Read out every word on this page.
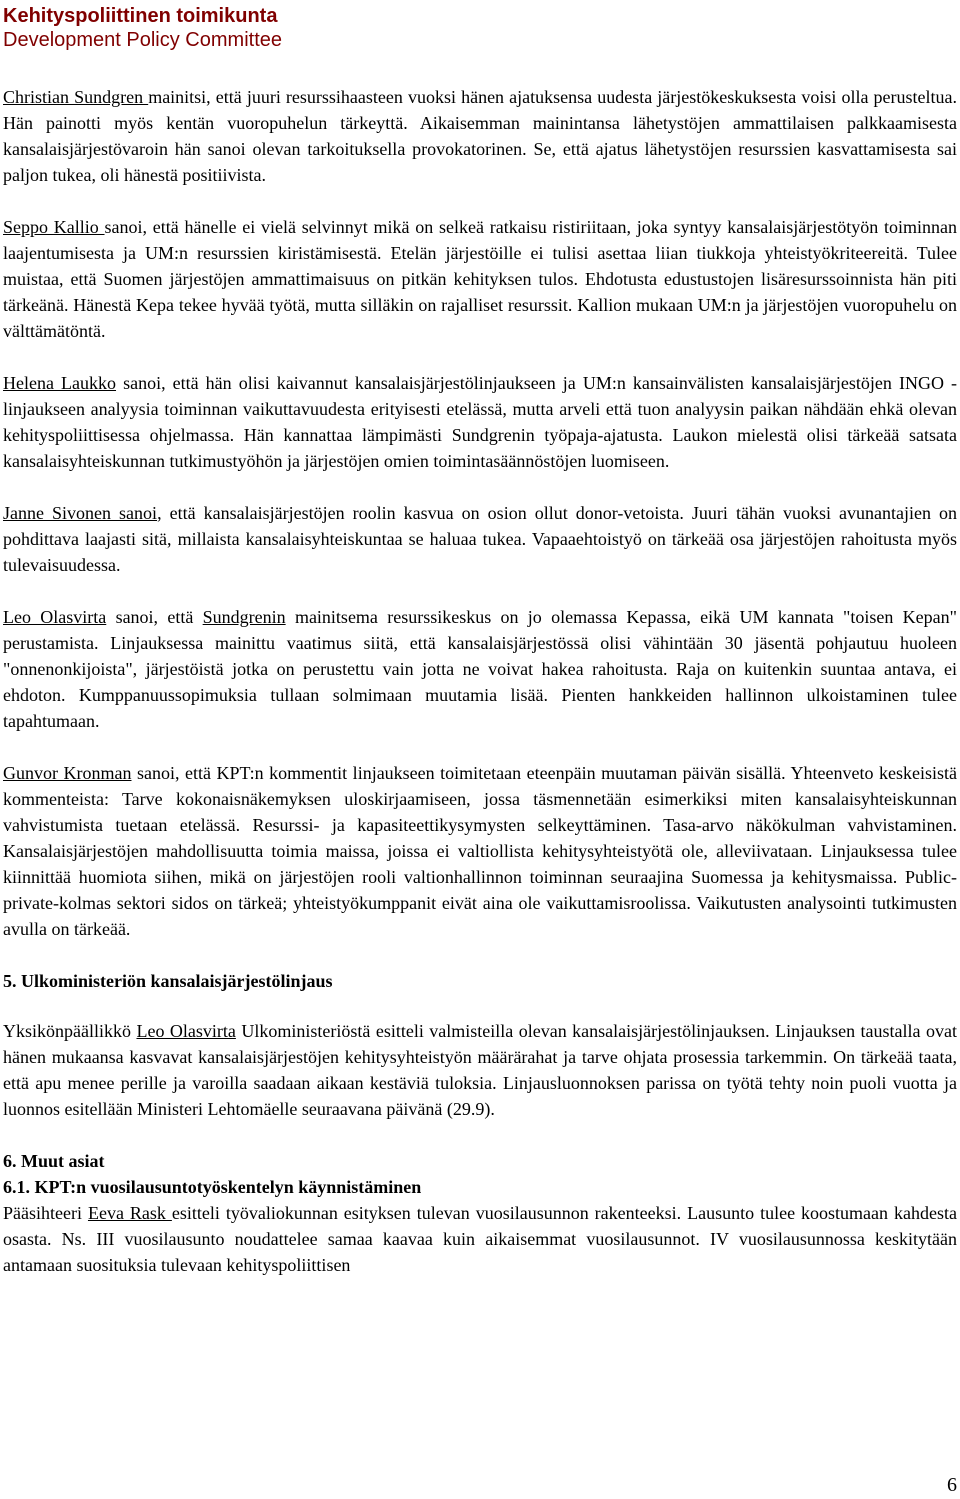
Kehityspoliittinen toimikunta
Development Policy Committee

Christian Sundgren mainitsi, että juuri resurssihaasteen vuoksi hänen ajatuksensa uudesta järjestökeskuksesta voisi olla perusteltua. Hän painotti myös kentän vuoropuhelun tärkeyttä. Aikaisemman mainintansa lähetystöjen ammattilaisen palkkaamisesta kansalaisjärjestövaroin hän sanoi olevan tarkoituksella provokatorinen. Se, että ajatus lähetystöjen resurssien kasvattamisesta sai paljon tukea, oli hänestä positiivista.

Seppo Kallio sanoi, että hänelle ei vielä selvinnyt mikä on selkeä ratkaisu ristiriitaan, joka syntyy kansalaisjärjestötyön toiminnan laajentumisesta ja UM:n resurssien kiristämisestä. Etelän järjestöille ei tulisi asettaa liian tiukkoja yhteistyökriteereitä. Tulee muistaa, että Suomen järjestöjen ammattimaisuus on pitkän kehityksen tulos. Ehdotusta edustustojen lisäresurssoinnista hän piti tärkeänä. Hänestä Kepa tekee hyvää työtä, mutta silläkin on rajalliset resurssit. Kallion mukaan UM:n ja järjestöjen vuoropuhelu on välttämätöntä.

Helena Laukko sanoi, että hän olisi kaivannut kansalaisjärjestölinjaukseen ja UM:n kansainvälisten kansalaisjärjestöjen INGO -linjaukseen analyysia toiminnan vaikuttavuudesta erityisesti etelässä, mutta arveli että tuon analyysin paikan nähdään ehkä olevan kehityspoliittisessa ohjelmassa. Hän kannattaa lämpimästi Sundgrenin työpaja-ajatusta. Laukon mielestä olisi tärkeää satsata kansalaisyhteiskunnan tutkimustyöhön ja järjestöjen omien toimintasäännöstöjen luomiseen.

Janne Sivonen sanoi, että kansalaisjärjestöjen roolin kasvua on osion ollut donor-vetoista. Juuri tähän vuoksi avunantajien on pohdittava laajasti sitä, millaista kansalaisyhteiskuntaa se haluaa tukea. Vapaaehtoistyö on tärkeää osa järjestöjen rahoitusta myös tulevaisuudessa.

Leo Olasvirta sanoi, että Sundgrenin mainitsema resurssikeskus on jo olemassa Kepassa, eikä UM kannata "toisen Kepan" perustamista. Linjauksessa mainittu vaatimus siitä, että kansalaisjärjestössä olisi vähintään 30 jäsentä pohjautuu huoleen "onnenonkijoista", järjestöistä jotka on perustettu vain jotta ne voivat hakea rahoitusta. Raja on kuitenkin suuntaa antava, ei ehdoton. Kumppanuussopimuksia tullaan solmimaan muutamia lisää. Pienten hankkeiden hallinnon ulkoistaminen tulee tapahtumaan.

Gunvor Kronman sanoi, että KPT:n kommentit linjaukseen toimitetaan eteenpäin muutaman päivän sisällä. Yhteenveto keskeisistä kommenteista: Tarve kokonaisnäkemyksen uloskirjaamiseen, jossa täsmennetään esimerkiksi miten kansalaisyhteiskunnan vahvistumista tuetaan etelässä. Resurssi- ja kapasiteettikysymysten selkeyttäminen. Tasa-arvo näkökulman vahvistaminen. Kansalaisjärjestöjen mahdollisuutta toimia maissa, joissa ei valtiollista kehitysyhteistyötä ole, alleviivataan. Linjauksessa tulee kiinnittää huomiota siihen, mikä on järjestöjen rooli valtionhallinnon toiminnan seuraajina Suomessa ja kehitysmaissa. Public-private-kolmas sektori sidos on tärkeä; yhteistyökumppanit eivät aina ole vaikuttamisroolissa. Vaikutusten analysointi tutkimusten avulla on tärkeää.

5. Ulkoministeriön kansalaisjärjestölinjaus

Yksikönpäällikkö Leo Olasvirta Ulkoministeriöstä esitteli valmisteilla olevan kansalaisjärjestölinjauksen. Linjauksen taustalla ovat hänen mukaansa kasvavat kansalaisjärjestöjen kehitysyhteistyön määrärahat ja tarve ohjata prosessia tarkemmin. On tärkeää taata, että apu menee perille ja varoilla saadaan aikaan kestäviä tuloksia. Linjausluonnoksen parissa on työtä tehty noin puoli vuotta ja luonnos esitellään Ministeri Lehtomäelle seuraavana päivänä (29.9).

6. Muut asiat
6.1. KPT:n vuosilausuntotyöskentelyn käynnistäminen

Pääsihteeri Eeva Rask esitteli työvaliokunnan esityksen tulevan vuosilausunnon rakenteeksi. Lausunto tulee koostumaan kahdesta osasta. Ns. III vuosilausunto noudattelee samaa kaavaa kuin aikaisemmat vuosilausunnot. IV vuosilausunnossa keskitytään antamaan suosituksia tulevaan kehityspoliittisen

6
